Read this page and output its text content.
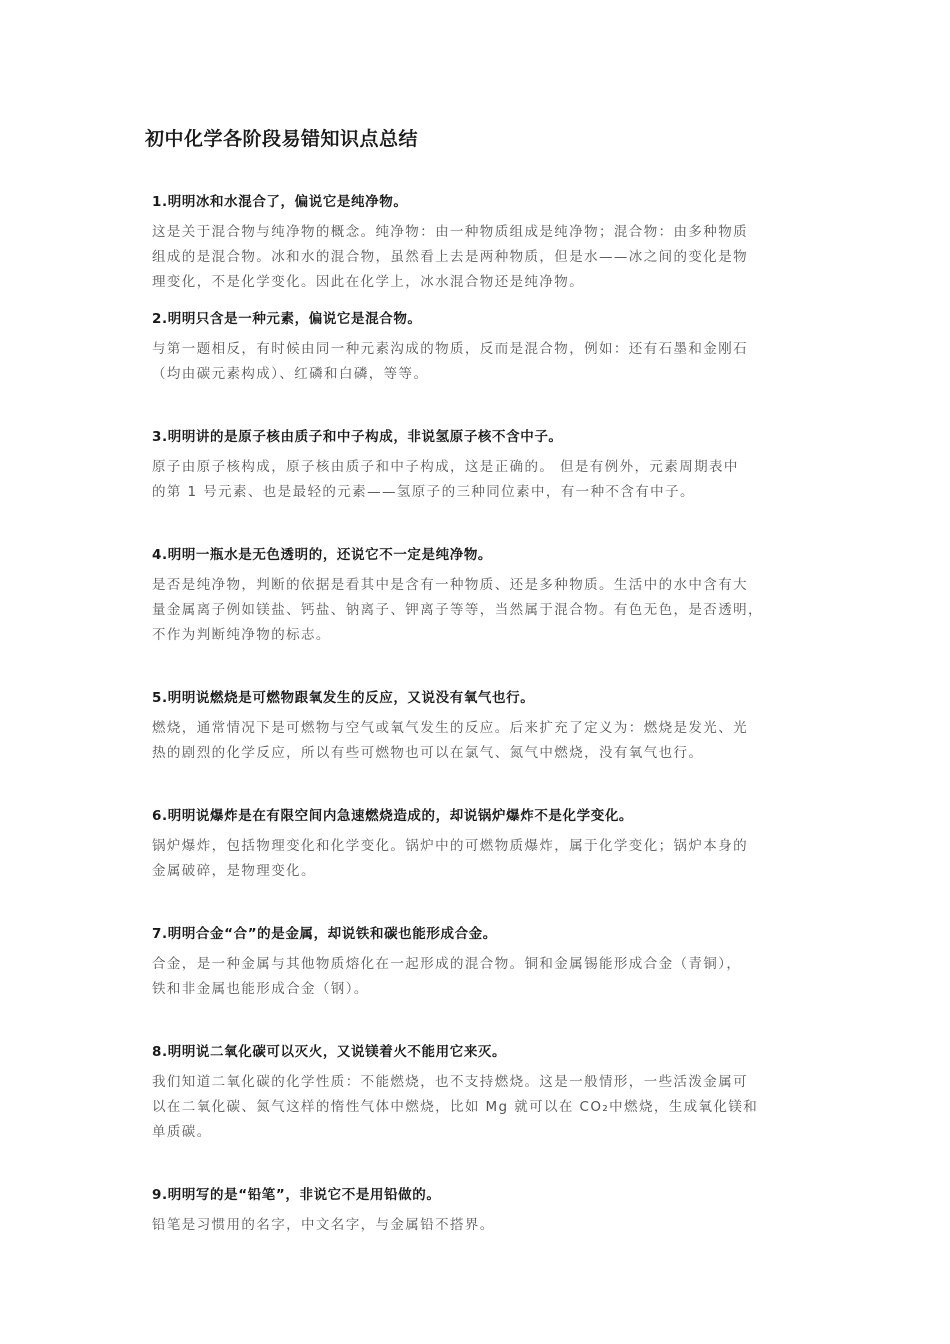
初中化学各阶段易错知识点总结

1.明明冰和水混合了，偏说它是纯净物。

这是关于混合物与纯净物的概念。纯净物：由一种物质组成是纯净物；混合物：由多种物质
组成的是混合物。冰和水的混合物，虽然看上去是两种物质，但是水——冰之间的变化是物
理变化，不是化学变化。因此在化学上，冰水混合物还是纯净物。

2.明明只含是一种元素，偏说它是混合物。

与第一题相反，有时候由同一种元素沟成的物质，反而是混合物，例如：还有石墨和金刚石
（均由碳元素构成）、红磷和白磷，等等。

3.明明讲的是原子核由质子和中子构成，非说氢原子核不含中子。

原子由原子核构成，原子核由质子和中子构成，这是正确的。 但是有例外，元素周期表中
的第 1 号元素、也是最轻的元素——氢原子的三种同位素中，有一种不含有中子。

4.明明一瓶水是无色透明的，还说它不一定是纯净物。

是否是纯净物，判断的依据是看其中是含有一种物质、还是多种物质。生活中的水中含有大
量金属离子例如镁盐、钙盐、钠离子、钾离子等等，当然属于混合物。有色无色，是否透明，
不作为判断纯净物的标志。

5.明明说燃烧是可燃物跟氧发生的反应，又说没有氧气也行。

燃烧，通常情况下是可燃物与空气或氧气发生的反应。后来扩充了定义为：燃烧是发光、光
热的剧烈的化学反应，所以有些可燃物也可以在氯气、氮气中燃烧，没有氧气也行。

6.明明说爆炸是在有限空间内急速燃烧造成的，却说锅炉爆炸不是化学变化。

锅炉爆炸，包括物理变化和化学变化。锅炉中的可燃物质爆炸，属于化学变化；锅炉本身的
金属破碎，是物理变化。

7.明明合金“合”的是金属，却说铁和碳也能形成合金。

合金，是一种金属与其他物质熔化在一起形成的混合物。铜和金属锡能形成合金（青铜），
铁和非金属也能形成合金（钢）。

8.明明说二氧化碳可以灭火，又说镁着火不能用它来灭。

我们知道二氧化碳的化学性质：不能燃烧，也不支持燃烧。这是一般情形，一些活泼金属可
以在二氧化碳、氮气这样的惰性气体中燃烧，比如 Mg 就可以在 CO₂中燃烧，生成氧化镁和
单质碳。

9.明明写的是“铅笔”，非说它不是用铅做的。

铅笔是习惯用的名字，中文名字，与金属铅不搭界。
